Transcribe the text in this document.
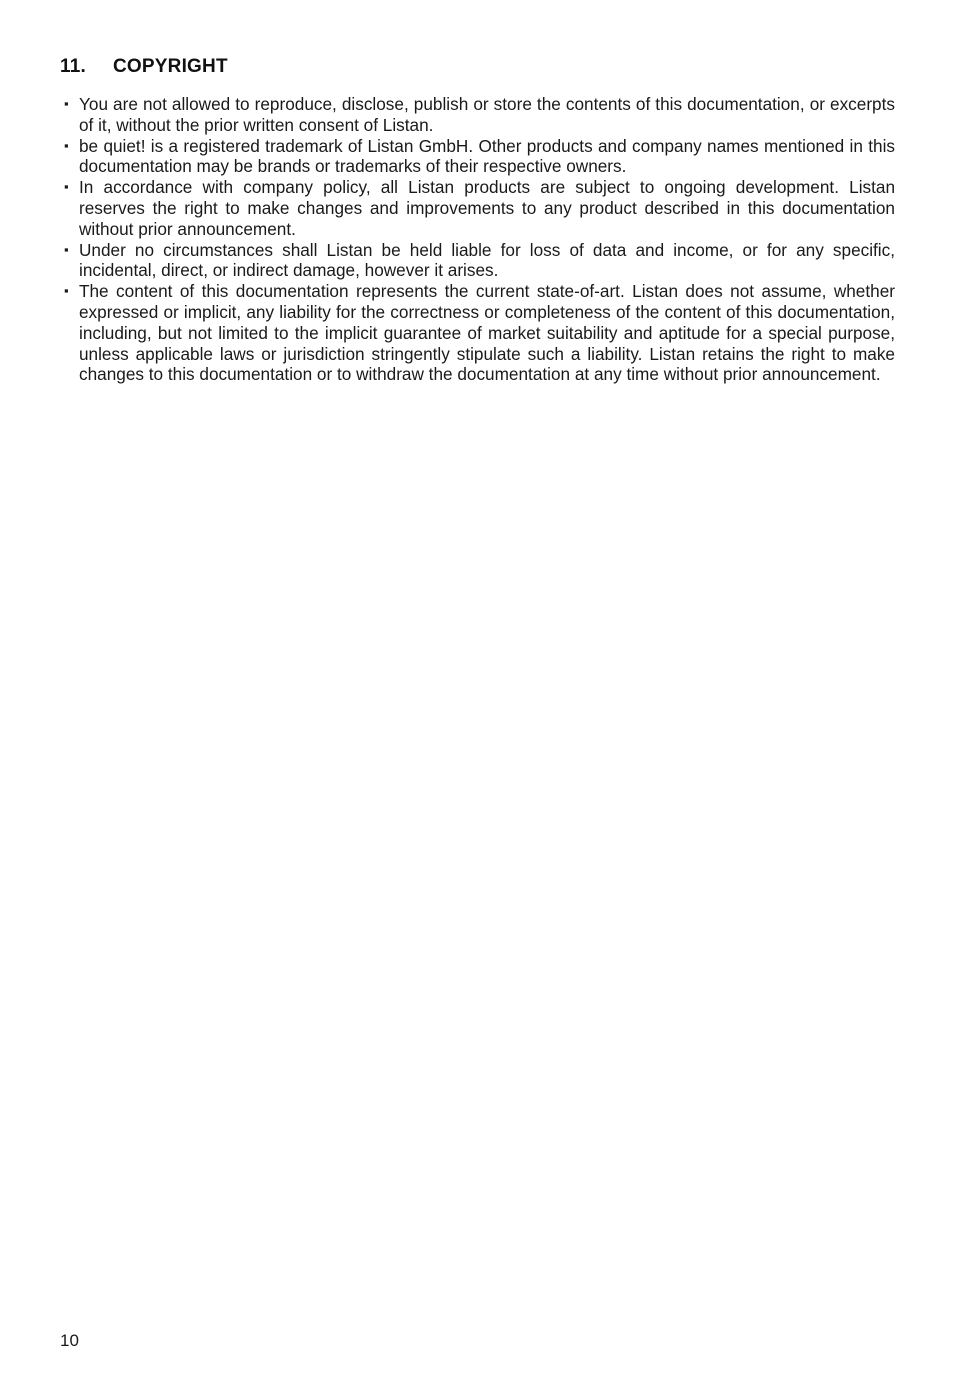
11.	COPYRIGHT
▪ You are not allowed to reproduce, disclose, publish or store the contents of this documentation, or excerpts of it, without the prior written consent of Listan.
▪ be quiet! is a registered trademark of Listan GmbH. Other products and company names mentioned in this documentation may be brands or trademarks of their respective owners.
▪ In accordance with company policy, all Listan products are subject to ongoing development. Listan reserves the right to make changes and improvements to any product described in this documentation without prior announcement.
▪ Under no circumstances shall Listan be held liable for loss of data and income, or for any specific, incidental, direct, or indirect damage, however it arises.
▪ The content of this documentation represents the current state-of-art. Listan does not assume, whether expressed or implicit, any liability for the correctness or completeness of the content of this documentation, including, but not limited to the implicit guarantee of market suitability and aptitude for a special purpose, unless applicable laws or jurisdiction stringently stipulate such a liability. Listan retains the right to make changes to this documentation or to withdraw the documentation at any time without prior announcement.
10
